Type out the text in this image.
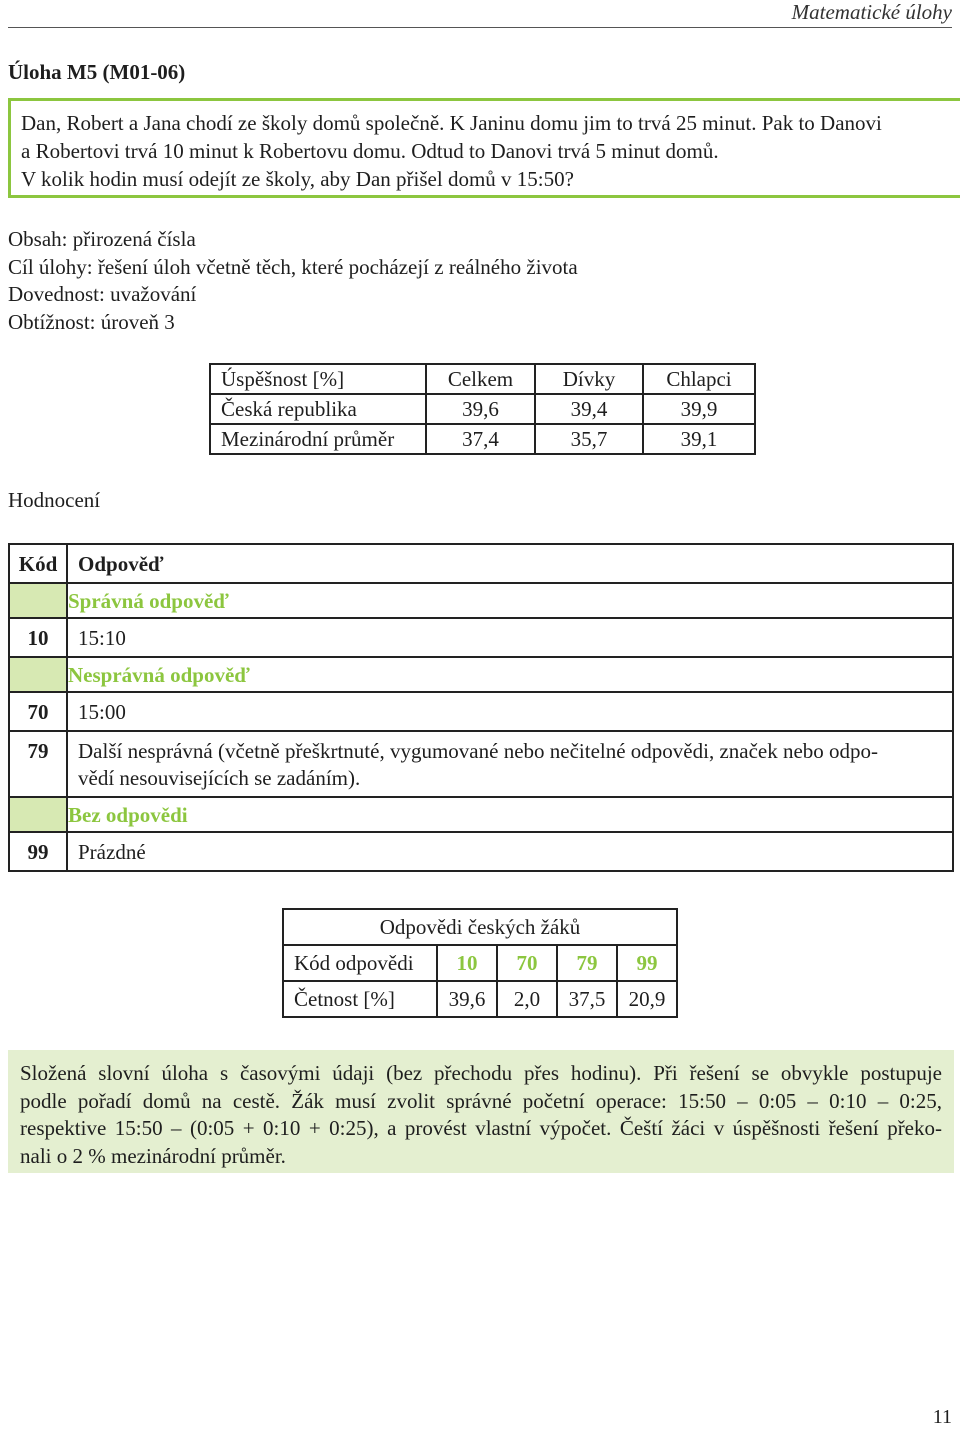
Matematické úlohy
Úloha M5 (M01-06)
Dan, Robert a Jana chodí ze školy domů společně. K Janinu domu jim to trvá 25 minut. Pak to Danovi
a Robertovi trvá 10 minut k Robertovu domu. Odtud to Danovi trvá 5 minut domů.
V kolik hodin musí odejít ze školy, aby Dan přišel domů v 15:50?
Obsah: přirozená čísla
Cíl úlohy: řešení úloh včetně těch, které pocházejí z reálného života
Dovednost: uvažování
Obtížnost: úroveň 3
Úspěšnost [%]	Celkem	Dívky	Chlapci
Česká republika	39,6	39,4	39,9
Mezinárodní průměr	37,4	35,7	39,1
Hodnocení
Kód	Odpověď
	Správná odpověď
10	15:10
	Nesprávná odpověď
70	15:00
79	Další nesprávná (včetně přeškrtnuté, vygumované nebo nečitelné odpovědi, značek nebo odpo-
vědí nesouvisejících se zadáním).

	Bez odpovědi
99	Prázdné
Odpovědi českých žáků				
Kód odpovědi	10	70	79	99
Četnost [%]	39,6	2,0	37,5	20,9
Složená slovní úloha s časovými údaji (bez přechodu přes hodinu). Při řešení se obvykle postupuje
podle pořadí domů na cestě. Žák musí zvolit správné početní operace: 15:50 – 0:05 – 0:10 – 0:25,
respektive 15:50 – (0:05 + 0:10 + 0:25), a provést vlastní výpočet. Čeští žáci v úspěšnosti řešení překo-
nali o 2 % mezinárodní průměr.
11
